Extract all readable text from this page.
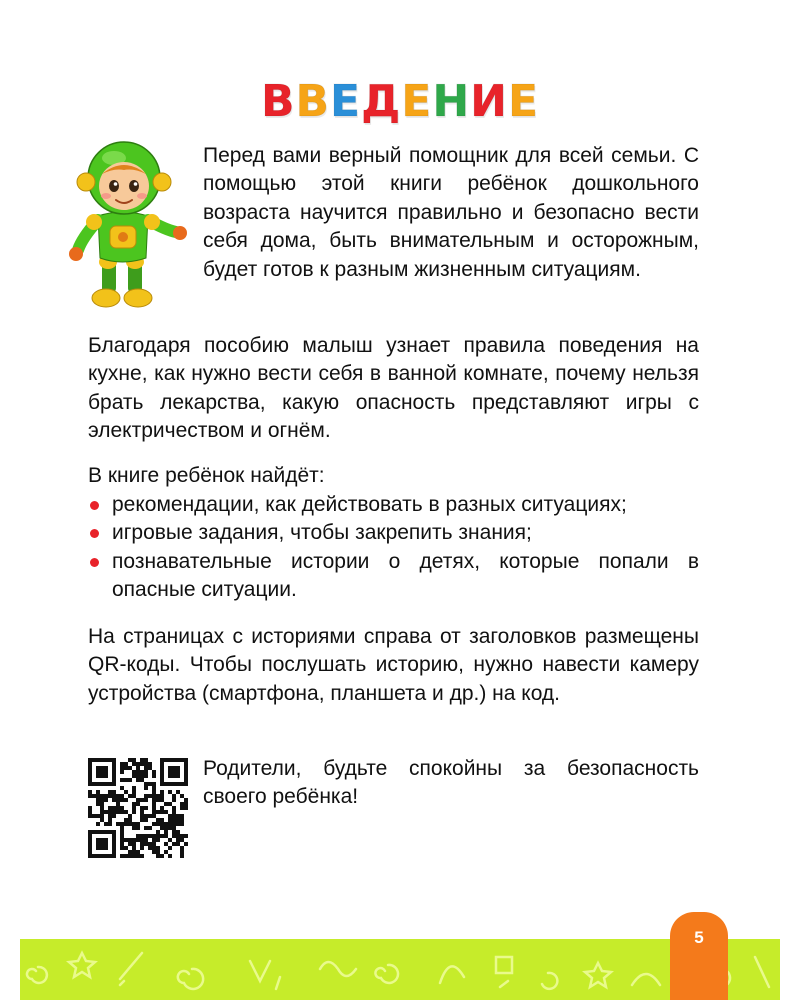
ВВЕДЕНИЕ

Перед вами верный помощник для всей семьи. С помощью этой книги ребёнок дошкольного возраста научится правильно и безопасно вести себя дома, быть внимательным и осторожным, будет готов к разным жизненным ситуациям.

Благодаря пособию малыш узнает правила поведения на кухне, как нужно вести себя в ванной комнате, почему нельзя брать лекарства, какую опасность представляют игры с электричеством и огнём.

В книге ребёнок найдёт:

рекомендации, как действовать в разных ситуациях;
игровые задания, чтобы закрепить знания;
познавательные истории о детях, которые попали в опасные ситуации.

На страницах с историями справа от заголовков размещены QR-коды. Чтобы послушать историю, нужно навести камеру устройства (смартфона, планшета и др.) на код.

Родители, будьте спокойны за безопасность своего ребёнка!

5
